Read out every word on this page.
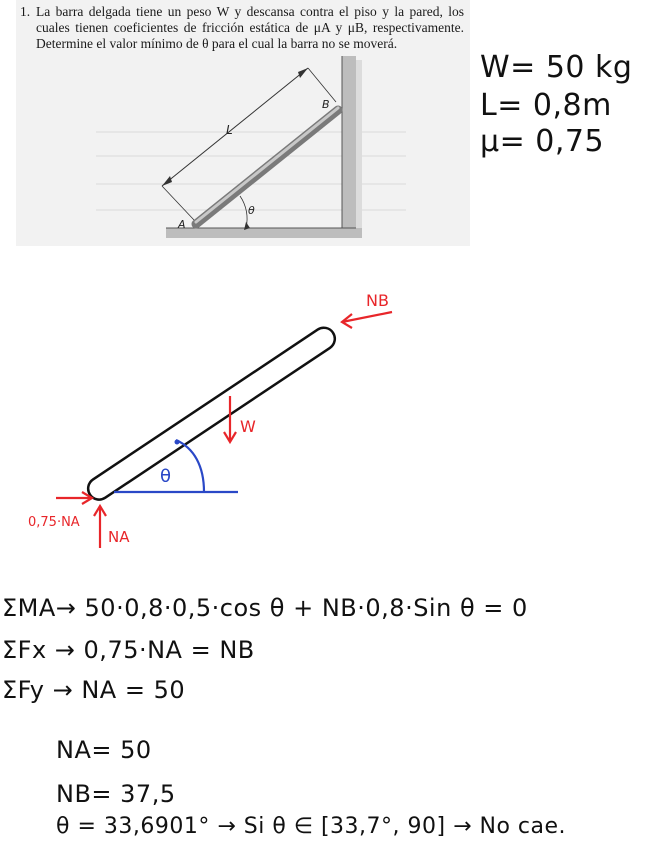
1. La barra delgada tiene un peso W y descansa contra el piso y la pared, los cuales tienen coeficientes de fricción estática de μA y μB, respectivamente. Determine el valor mínimo de θ para el cual la barra no se moverá.
L
A
B
θ
W= 50 kg
L= 0,8m
μ= 0,75
θ
NB
W
0,75·NA
NA
ΣMA→ 50·0,8·0,5·cos θ + NB·0,8·Sin θ = 0
ΣFx → 0,75·NA = NB
ΣFy → NA = 50
NA= 50
NB= 37,5
θ = 33,6901° → Si θ ∈ [33,7°, 90] → No cae.
